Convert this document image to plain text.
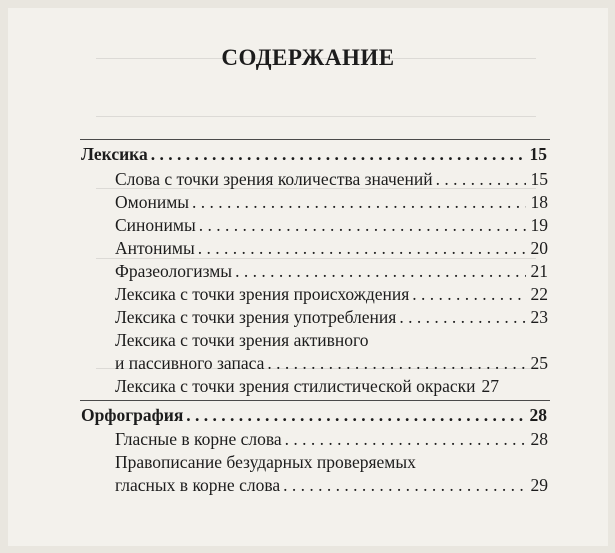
СОДЕРЖАНИЕ
Лексика . . .	15
Слова с точки зрения количества значений . . .	15
Омонимы . . .	18
Синонимы . . .	19
Антонимы . . .	20
Фразеологизмы . . .	21
Лексика с точки зрения происхождения . . .	22
Лексика с точки зрения употребления . . .	23
Лексика с точки зрения активного
и пассивного запаса . . .	25
Лексика с точки зрения стилистической окраски 27
Орфография . . .	28
Гласные в корне слова . . .	28
Правописание безударных проверяемых
гласных в корне слова . . .	29
